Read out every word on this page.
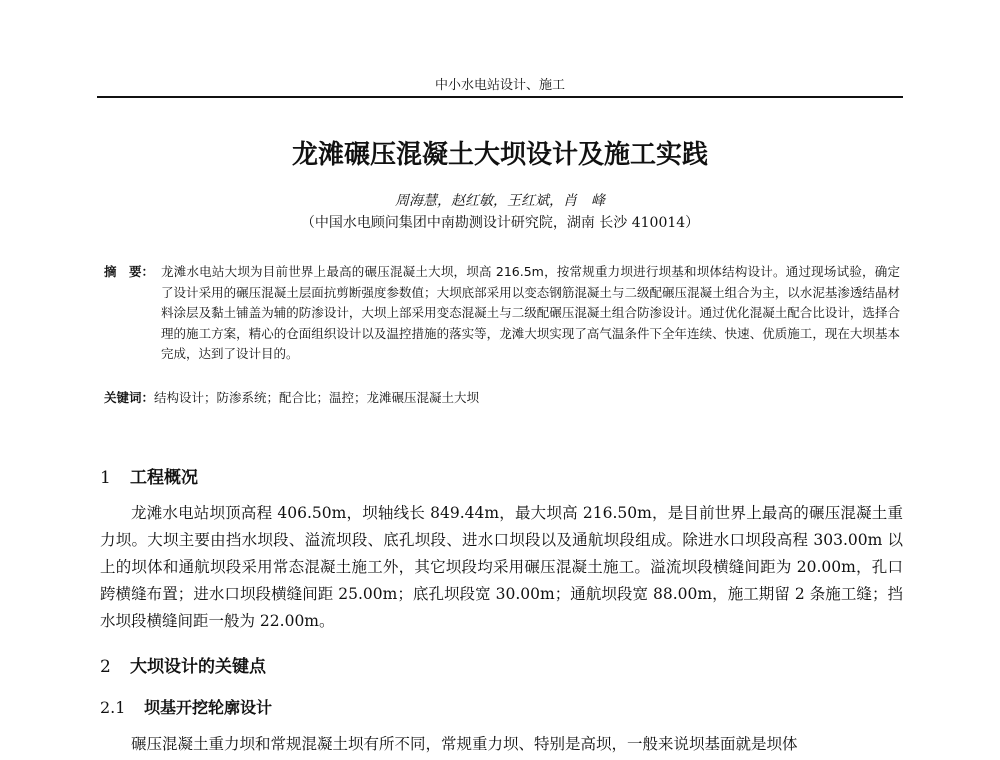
中小水电站设计、施工
龙滩碾压混凝土大坝设计及施工实践
周海慧，赵红敏，王红斌，肖　峰
（中国水电顾问集团中南勘测设计研究院，湖南 长沙 410014）
摘　要： 龙滩水电站大坝为目前世界上最高的碾压混凝土大坝，坝高 216.5m，按常规重力坝进行坝基和坝体结构设计。通过现场试验，确定了设计采用的碾压混凝土层面抗剪断强度参数值；大坝底部采用以变态钢筋混凝土与二级配碾压混凝土组合为主，以水泥基渗透结晶材料涂层及黏土铺盖为辅的防渗设计，大坝上部采用变态混凝土与二级配碾压混凝土组合防渗设计。通过优化混凝土配合比设计，选择合理的施工方案，精心的仓面组织设计以及温控措施的落实等，龙滩大坝实现了高气温条件下全年连续、快速、优质施工，现在大坝基本完成，达到了设计目的。
关键词：结构设计；防渗系统；配合比；温控；龙滩碾压混凝土大坝
1 工程概况
龙滩水电站坝顶高程 406.50m，坝轴线长 849.44m，最大坝高 216.50m，是目前世界上最高的碾压混凝土重力坝。大坝主要由挡水坝段、溢流坝段、底孔坝段、进水口坝段以及通航坝段组成。除进水口坝段高程 303.00m 以上的坝体和通航坝段采用常态混凝土施工外，其它坝段均采用碾压混凝土施工。溢流坝段横缝间距为 20.00m，孔口跨横缝布置；进水口坝段横缝间距 25.00m；底孔坝段宽 30.00m；通航坝段宽 88.00m，施工期留 2 条施工缝；挡水坝段横缝间距一般为 22.00m。
2 大坝设计的关键点
2.1 坝基开挖轮廓设计
碾压混凝土重力坝和常规混凝土坝有所不同，常规重力坝、特别是高坝，一般来说坝基面就是坝体
